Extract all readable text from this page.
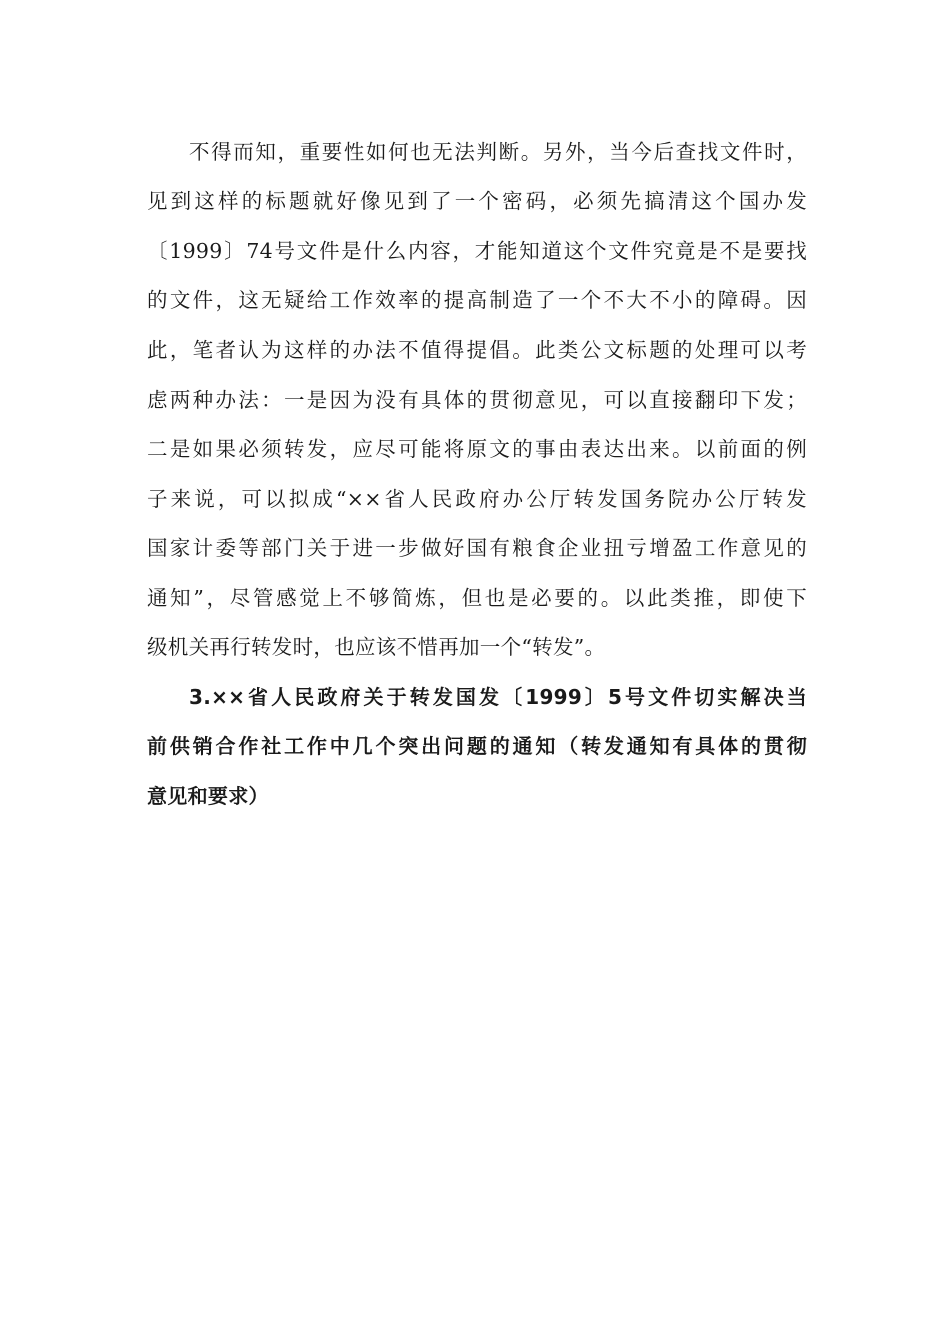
不得而知，重要性如何也无法判断。另外，当今后查找文件时，
见到这样的标题就好像见到了一个密码，必须先搞清这个国办发
〔1999〕74号文件是什么内容，才能知道这个文件究竟是不是要找
的文件，这无疑给工作效率的提高制造了一个不大不小的障碍。因
此，笔者认为这样的办法不值得提倡。此类公文标题的处理可以考
虑两种办法：一是因为没有具体的贯彻意见，可以直接翻印下发；
二是如果必须转发，应尽可能将原文的事由表达出来。以前面的例
子来说，可以拟成“××省人民政府办公厅转发国务院办公厅转发
国家计委等部门关于进一步做好国有粮食企业扭亏增盈工作意见的
通知”，尽管感觉上不够简炼，但也是必要的。以此类推，即使下
级机关再行转发时，也应该不惜再加一个“转发”。
3.××省人民政府关于转发国发〔1999〕5号文件切实解决当
前供销合作社工作中几个突出问题的通知（转发通知有具体的贯彻
意见和要求）
